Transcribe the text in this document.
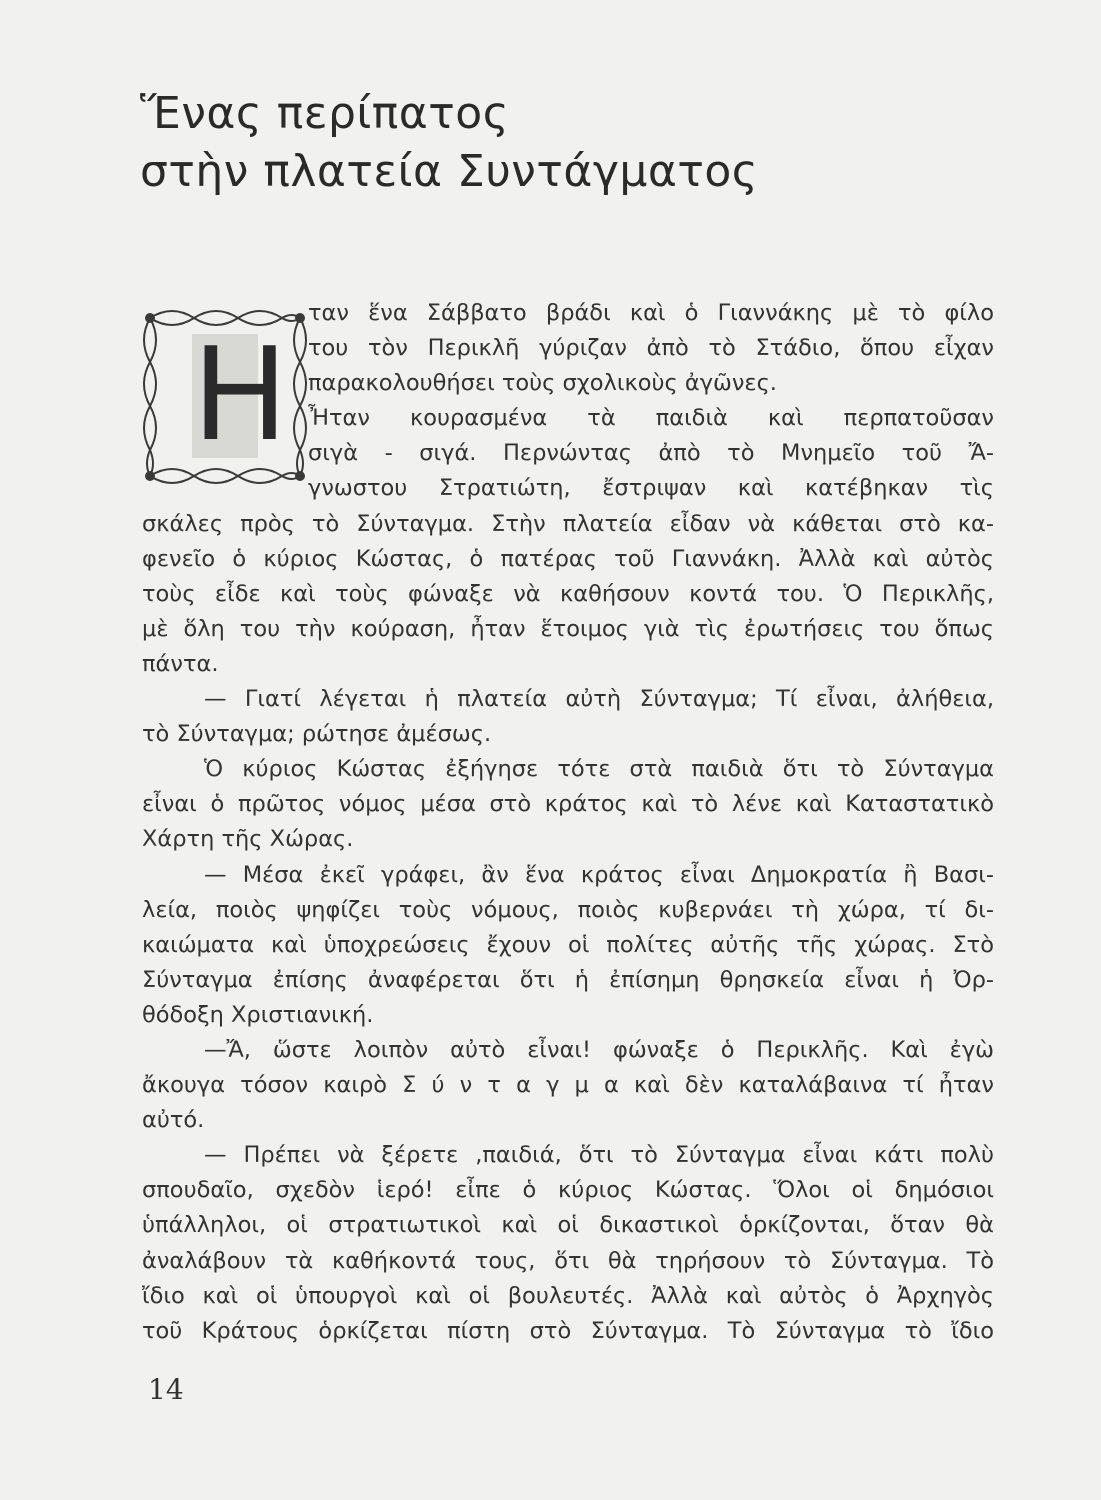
Ἕνας περίπατος
στὴν πλατεία Συντάγματος
Η
ταν ἕνα Σάββατο βράδι καὶ ὁ Γιαννάκης μὲ τὸ φίλο
του τὸν Περικλῆ γύριζαν ἀπὸ τὸ Στάδιο, ὅπου εἶχαν
παρακολουθήσει τοὺς σχολικοὺς ἀγῶνες.
Ἦταν κουρασμένα τὰ παιδιὰ καὶ περπατοῦσαν
σιγὰ - σιγά. Περνώντας ἀπὸ τὸ Μνημεῖο τοῦ Ἄ-
γνωστου Στρατιώτη, ἔστριψαν καὶ κατέβηκαν τὶς
σκάλες πρὸς τὸ Σύνταγμα. Στὴν πλατεία εἶδαν νὰ κάθεται στὸ κα-
φενεῖο ὁ κύριος Κώστας, ὁ πατέρας τοῦ Γιαννάκη. Ἀλλὰ καὶ αὐτὸς
τοὺς εἶδε καὶ τοὺς φώναξε νὰ καθήσουν κοντά του. Ὁ Περικλῆς,
μὲ ὅλη του τὴν κούραση, ἦταν ἕτοιμος γιὰ τὶς ἐρωτήσεις του ὅπως
πάντα.
— Γιατί λέγεται ἡ πλατεία αὐτὴ Σύνταγμα; Τί εἶναι, ἀλήθεια,
τὸ Σύνταγμα; ρώτησε ἀμέσως.
Ὁ κύριος Κώστας ἐξήγησε τότε στὰ παιδιὰ ὅτι τὸ Σύνταγμα
εἶναι ὁ πρῶτος νόμος μέσα στὸ κράτος καὶ τὸ λένε καὶ Καταστατικὸ
Χάρτη τῆς Χώρας.
— Μέσα ἐκεῖ γράφει, ἂν ἕνα κράτος εἶναι Δημοκρατία ἢ Βασι-
λεία, ποιὸς ψηφίζει τοὺς νόμους, ποιὸς κυβερνάει τὴ χώρα, τί δι-
καιώματα καὶ ὑποχρεώσεις ἔχουν οἱ πολίτες αὐτῆς τῆς χώρας. Στὸ
Σύνταγμα ἐπίσης ἀναφέρεται ὅτι ἡ ἐπίσημη θρησκεία εἶναι ἡ Ὀρ-
θόδοξη Χριστιανική.
—Ἄ, ὥστε λοιπὸν αὐτὸ εἶναι! φώναξε ὁ Περικλῆς. Καὶ ἐγὼ
ἄκουγα τόσον καιρὸ Σ ύ ν τ α γ μ α καὶ δὲν καταλάβαινα τί ἦταν
αὐτό.
— Πρέπει νὰ ξέρετε ,παιδιά, ὅτι τὸ Σύνταγμα εἶναι κάτι πολὺ
σπουδαῖο, σχεδὸν ἱερό! εἶπε ὁ κύριος Κώστας. Ὅλοι οἱ δημόσιοι
ὑπάλληλοι, οἱ στρατιωτικοὶ καὶ οἱ δικαστικοὶ ὁρκίζονται, ὅταν θὰ
ἀναλάβουν τὰ καθήκοντά τους, ὅτι θὰ τηρήσουν τὸ Σύνταγμα. Τὸ
ἴδιο καὶ οἱ ὑπουργοὶ καὶ οἱ βουλευτές. Ἀλλὰ καὶ αὐτὸς ὁ Ἀρχηγὸς
τοῦ Κράτους ὁρκίζεται πίστη στὸ Σύνταγμα. Τὸ Σύνταγμα τὸ ἴδιο
14
